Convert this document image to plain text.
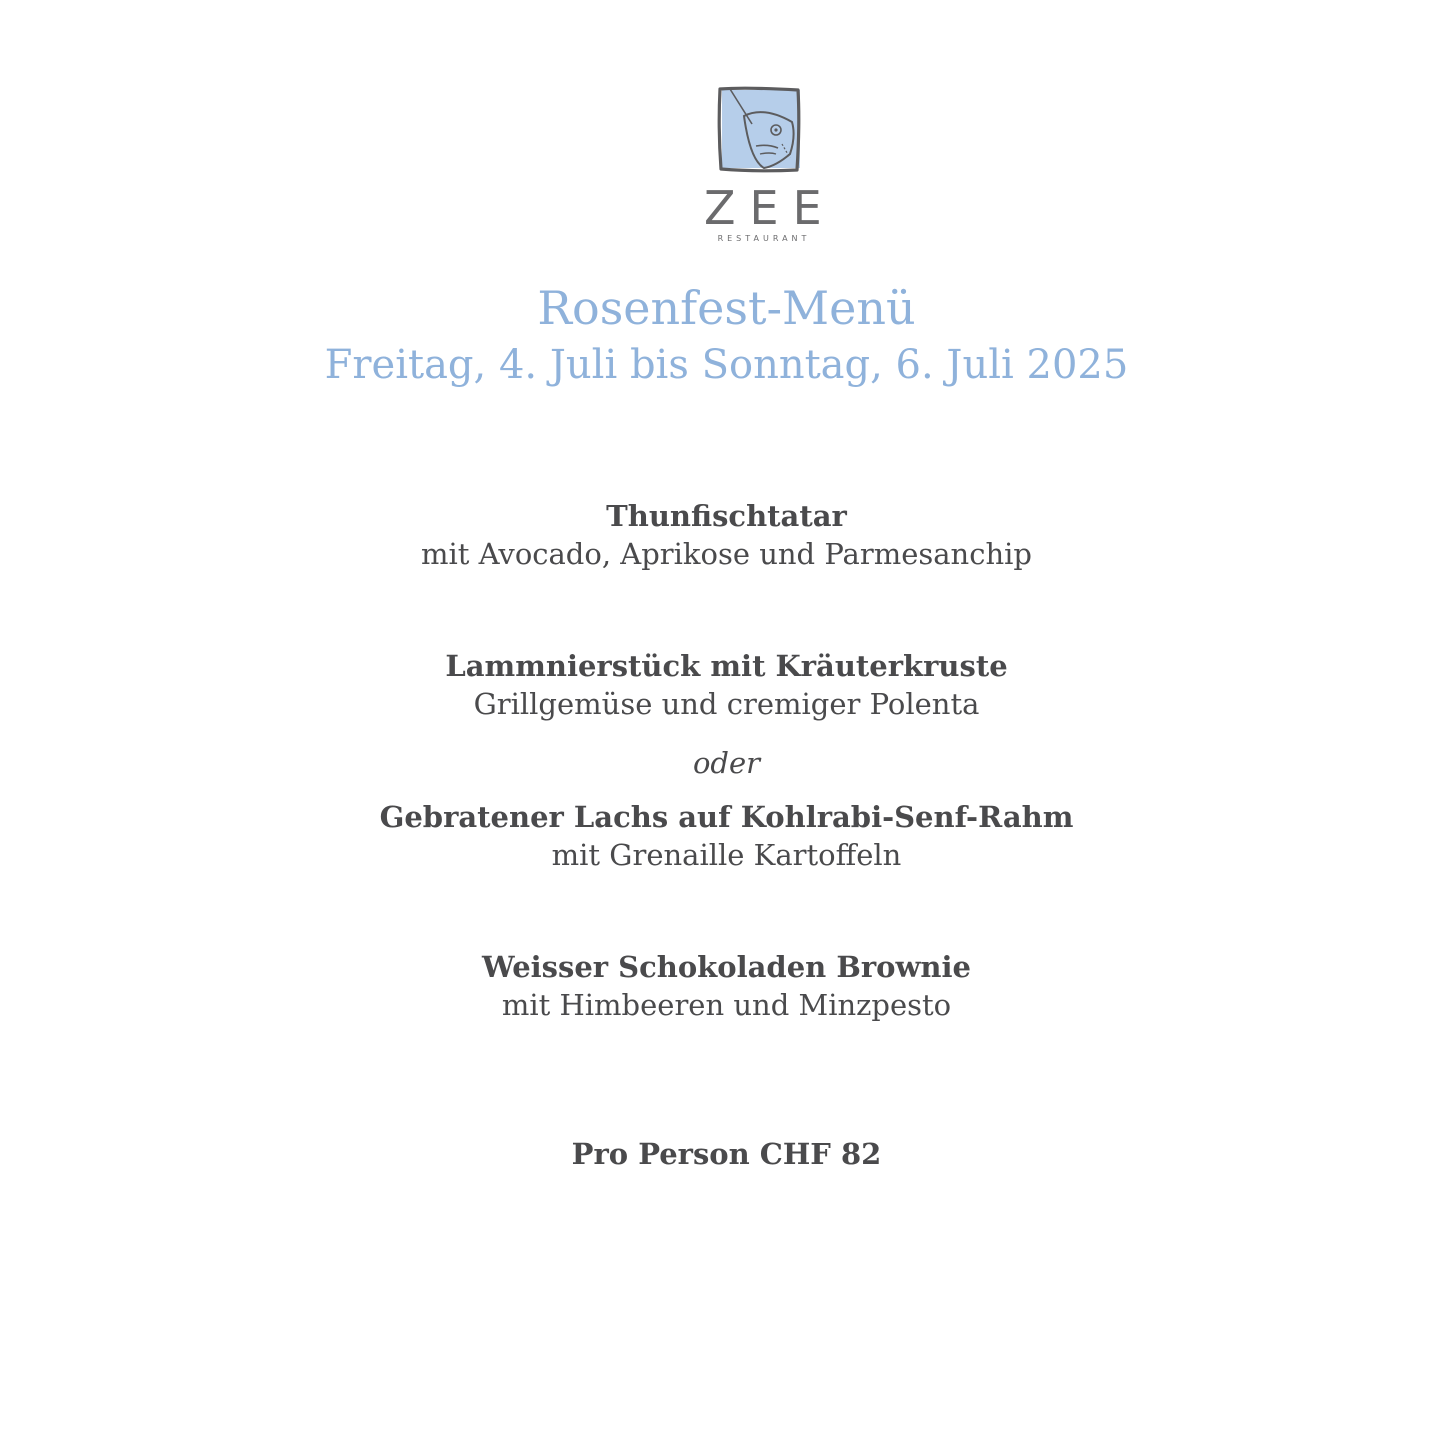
ZEE
RESTAURANT
Rosenfest-Menü
Freitag, 4. Juli bis Sonntag, 6. Juli 2025
Thunfischtatar
mit Avocado, Aprikose und Parmesanchip
Lammnierstück mit Kräuterkruste
Grillgemüse und cremiger Polenta
oder
Gebratener Lachs auf Kohlrabi-Senf-Rahm
mit Grenaille Kartoffeln
Weisser Schokoladen Brownie
mit Himbeeren und Minzpesto
Pro Person CHF 82
